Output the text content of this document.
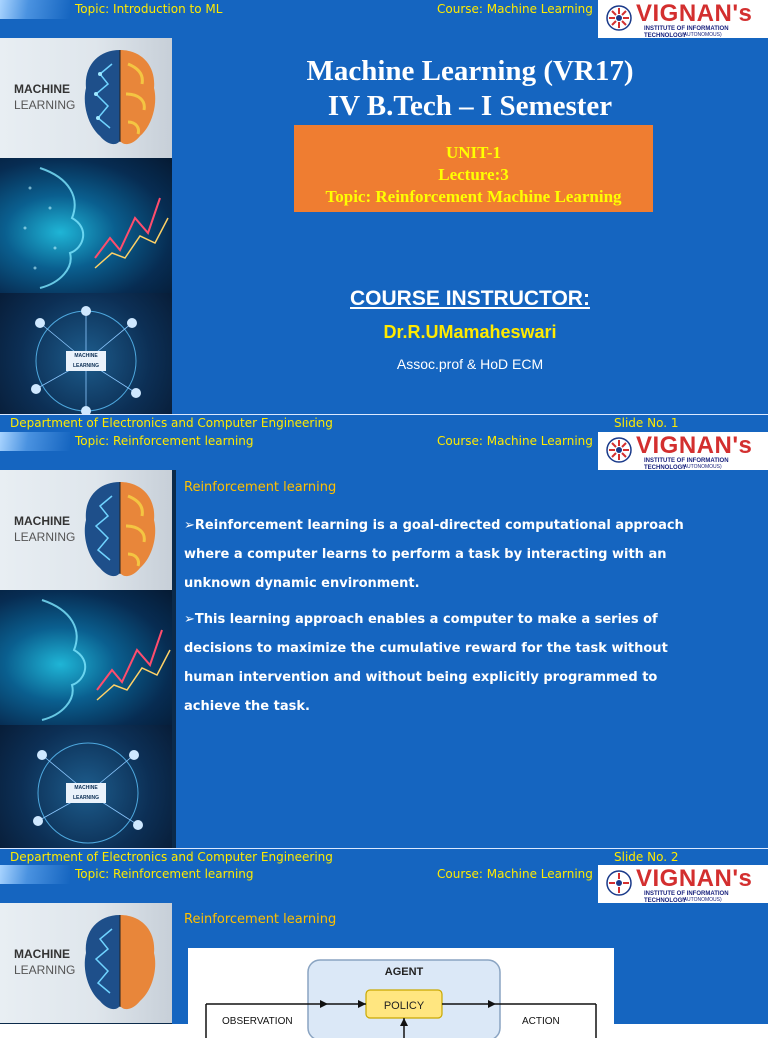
Topic: Introduction to ML	Course: Machine Learning VIGNAN's
INSTITUTE OF INFORMATION TECHNOLOGY
(AUTONOMOUS)
MACHINE
LEARNING
MACHINE LEARNING
Machine Learning (VR17)
IV B.Tech – I Semester
UNIT-1
Lecture:3
Topic: Reinforcement Machine Learning
COURSE INSTRUCTOR:
Dr.R.UMamaheswari
Assoc.prof & HoD ECM
Department of Electronics and Computer Engineering	Slide No. 1
Topic: Reinforcement learning	Course: Machine Learning VIGNAN's
INSTITUTE OF INFORMATION TECHNOLOGY
(AUTONOMOUS)
MACHINE
LEARNING
MACHINE LEARNING
Reinforcement learning
➢Reinforcement learning is a goal-directed computational approach where a computer learns to perform a task by interacting with an unknown dynamic environment.
➢This learning approach enables a computer to make a series of decisions to maximize the cumulative reward for the task without human intervention and without being explicitly programmed to achieve the task.
Department of Electronics and Computer Engineering	Slide No. 2
Topic: Reinforcement learning	Course: Machine Learning VIGNAN's
INSTITUTE OF INFORMATION TECHNOLOGY
(AUTONOMOUS)
MACHINE
LEARNING
Reinforcement learning
AGENT
POLICY
OBSERVATION	ACTION
